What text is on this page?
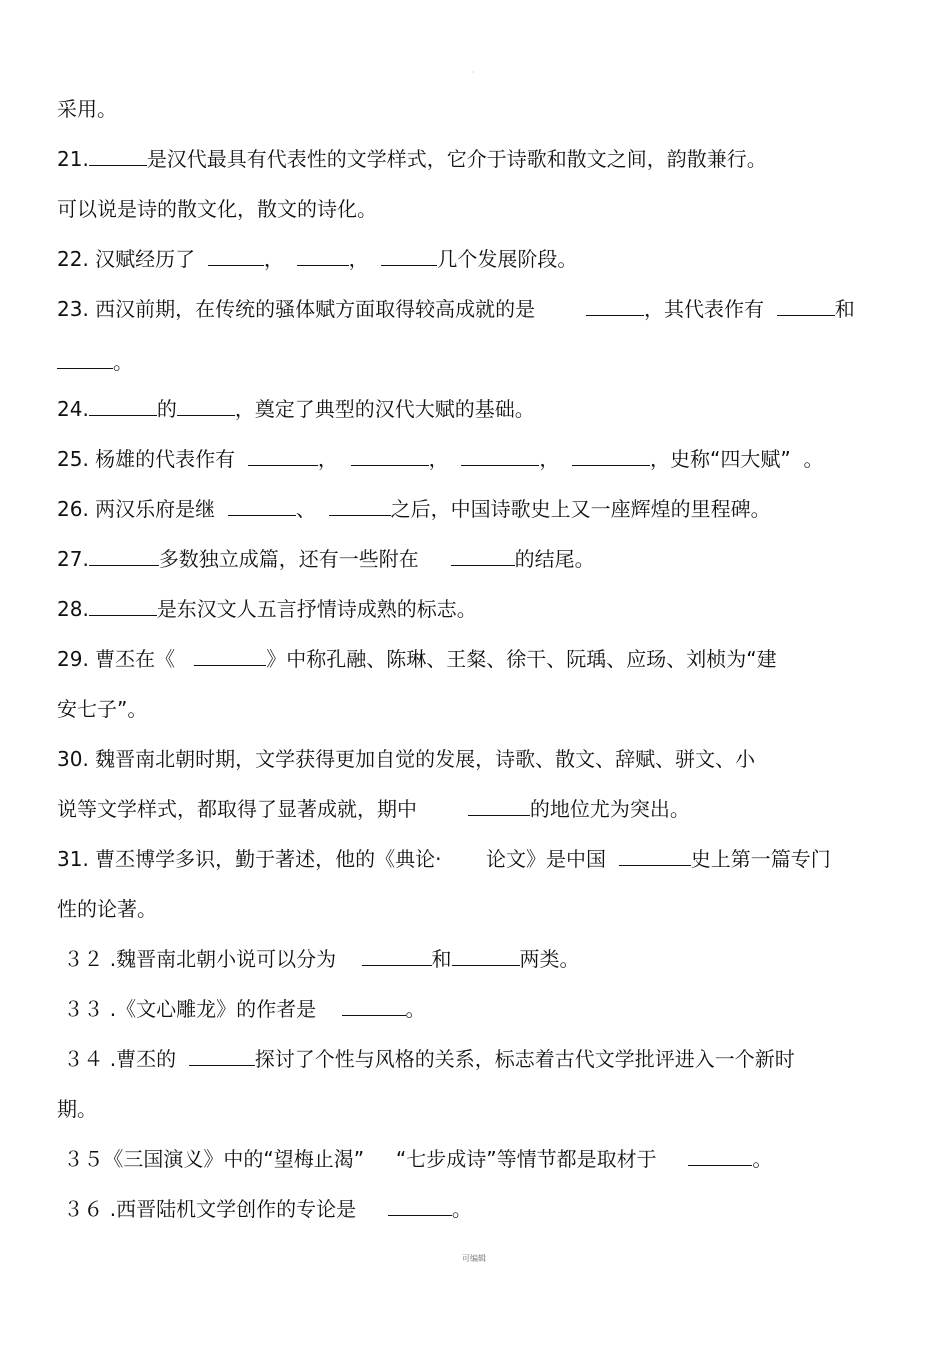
·
采用。
21.	是汉代最具有代表性的文学样式，它介于诗歌和散文之间，韵散兼行。
可以说是诗的散文化，散文的诗化。
22. 汉赋经历了	，	，	几个发展阶段。
23. 西汉前期，在传统的骚体赋方面取得较高成就的是	，其代表作有	和
。
24.	的	，奠定了典型的汉代大赋的基础。
25. 杨雄的代表作有	，	，	，	，史称“四大赋”  。
26. 两汉乐府是继	、	之后，中国诗歌史上又一座辉煌的里程碑。
27.	多数独立成篇，还有一些附在	的结尾。
28.	是东汉文人五言抒情诗成熟的标志。
29. 曹丕在《	》中称孔融、陈琳、王粲、徐干、阮瑀、应玚、刘桢为“建
安七子”。
30. 魏晋南北朝时期，文学获得更加自觉的发展，诗歌、散文、辞赋、骈文、小
说等文学样式，都取得了显著成就，期中	的地位尤为突出。
31. 曹丕博学多识，勤于著述，他的《典论·       论文》是中国	史上第一篇专门
性的论著。
３２ .魏晋南北朝小说可以分为	和	两类。
３３ .《文心雕龙》的作者是	。
３４ .曹丕的	探讨了个性与风格的关系，标志着古代文学批评进入一个新时
期。
３５《三国演义》中的“望梅止渴”     “七步成诗”等情节都是取材于	。
３６ .西晋陆机文学创作的专论是	。
可编辑
